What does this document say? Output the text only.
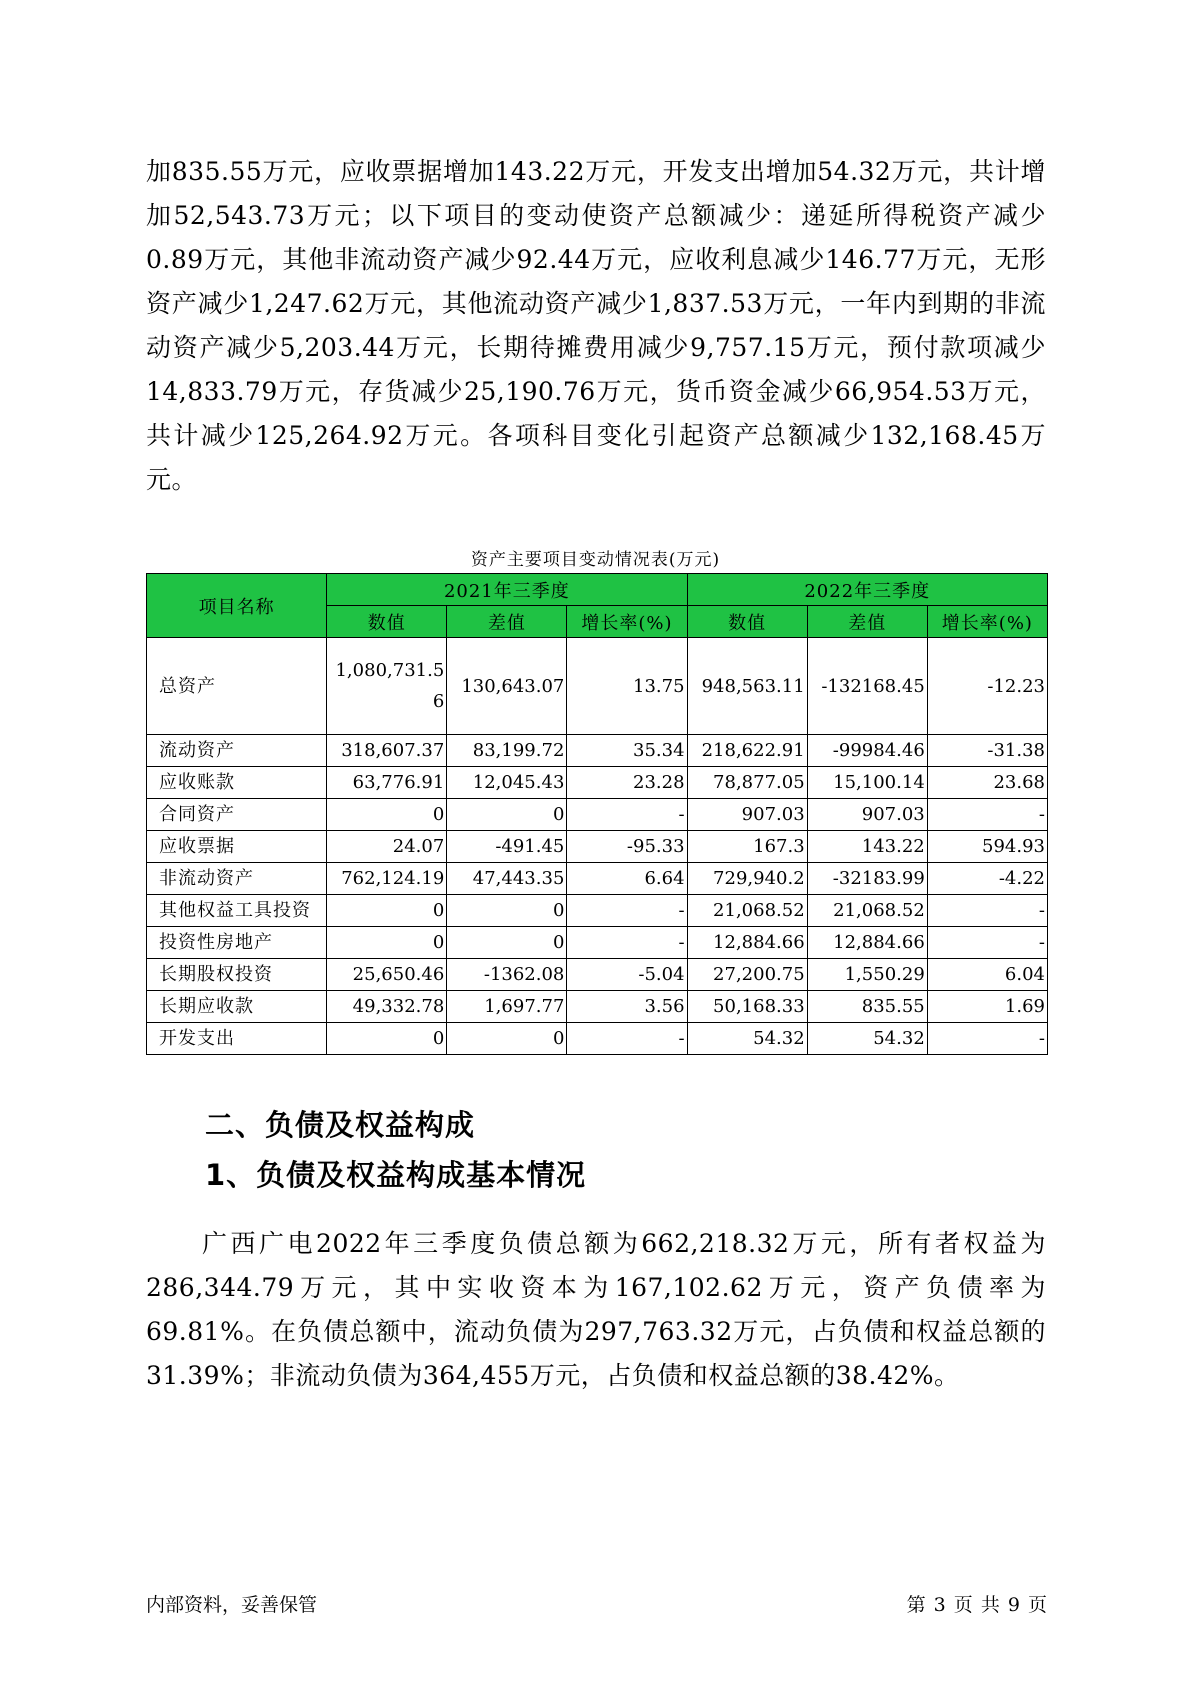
加835.55万元，应收票据增加143.22万元，开发支出增加54.32万元，共计增加52,543.73万元；以下项目的变动使资产总额减少：递延所得税资产减少0.89万元，其他非流动资产减少92.44万元，应收利息减少146.77万元，无形资产减少1,247.62万元，其他流动资产减少1,837.53万元，一年内到期的非流动资产减少5,203.44万元，长期待摊费用减少9,757.15万元，预付款项减少14,833.79万元，存货减少25,190.76万元，货币资金减少66,954.53万元，共计减少125,264.92万元。各项科目变化引起资产总额减少132,168.45万元。

资产主要项目变动情况表(万元)
项目名称	2021年三季度			2022年三季度		
	数值	差值	增长率(%)	数值	差值	增长率(%)
总资产	1,080,731.56	130,643.07	13.75	948,563.11	-132168.45	-12.23
流动资产	318,607.37	83,199.72	35.34	218,622.91	-99984.46	-31.38
应收账款	63,776.91	12,045.43	23.28	78,877.05	15,100.14	23.68
合同资产	0	0	-	907.03	907.03	-
应收票据	24.07	-491.45	-95.33	167.3	143.22	594.93
非流动资产	762,124.19	47,443.35	6.64	729,940.2	-32183.99	-4.22
其他权益工具投资	0	0	-	21,068.52	21,068.52	-
投资性房地产	0	0	-	12,884.66	12,884.66	-
长期股权投资	25,650.46	-1362.08	-5.04	27,200.75	1,550.29	6.04
长期应收款	49,332.78	1,697.77	3.56	50,168.33	835.55	1.69
开发支出	0	0	-	54.32	54.32	-
二、负债及权益构成
1、负债及权益构成基本情况

广西广电2022年三季度负债总额为662,218.32万元，所有者权益为286,344.79万元，其中实收资本为167,102.62万元，资产负债率为69.81%。在负债总额中，流动负债为297,763.32万元，占负债和权益总额的31.39%；非流动负债为364,455万元，占负债和权益总额的38.42%。

内部资料，妥善保管	第 3 页 共 9 页
